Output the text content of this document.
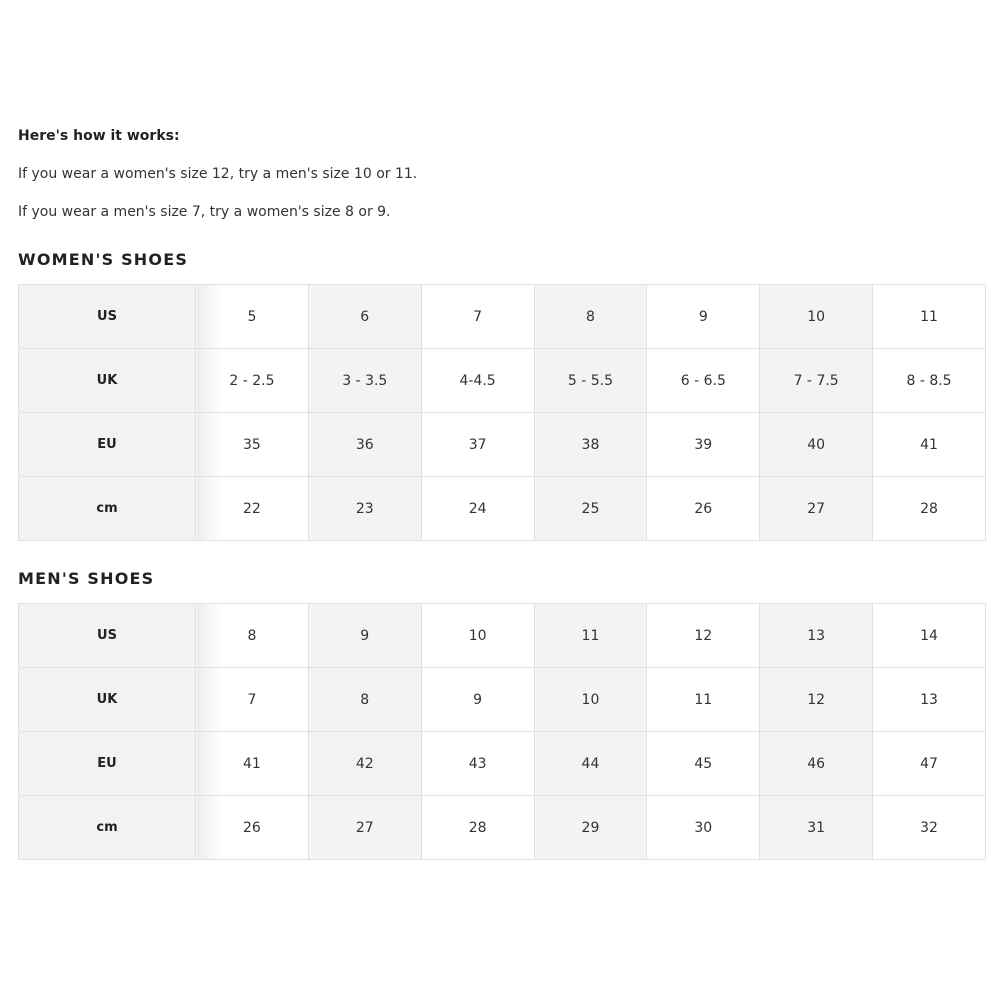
Here's how it works:

If you wear a women's size 12, try a men's size 10 or 11.

If you wear a men's size 7, try a women's size 8 or 9.

WOMEN'S SHOES
US	5	6	7	8	9	10	11
UK	2 - 2.5	3 - 3.5	4-4.5	5 - 5.5	6 - 6.5	7 - 7.5	8 - 8.5
EU	35	36	37	38	39	40	41
cm	22	23	24	25	26	27	28
MEN'S SHOES
US	8	9	10	11	12	13	14
UK	7	8	9	10	11	12	13
EU	41	42	43	44	45	46	47
cm	26	27	28	29	30	31	32
